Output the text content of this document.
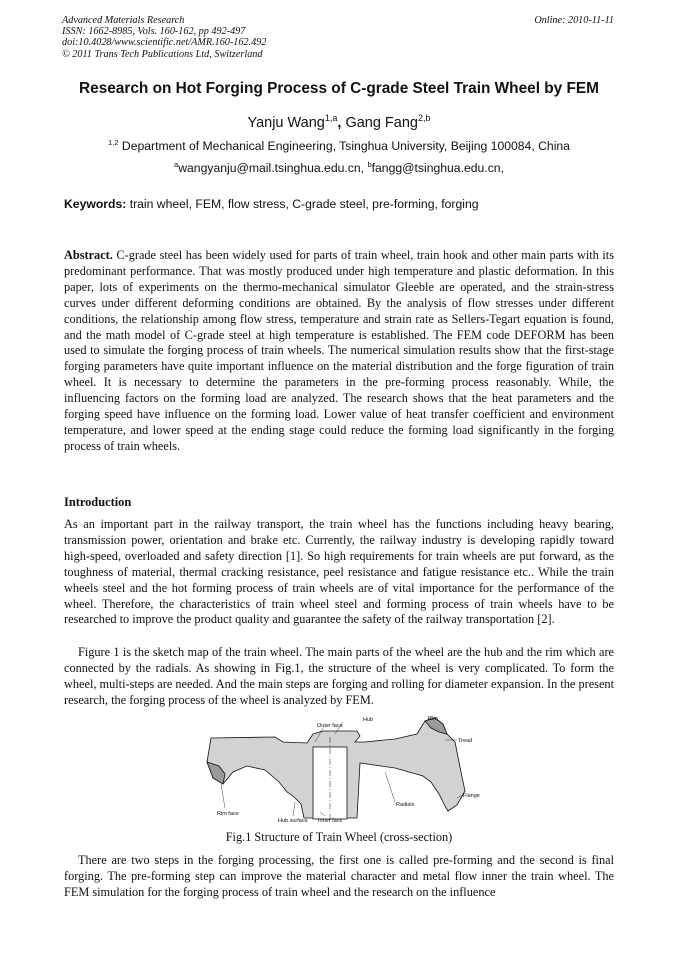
Advanced Materials Research
ISSN: 1662-8985, Vols. 160-162, pp 492-497
doi:10.4028/www.scientific.net/AMR.160-162.492
© 2011 Trans Tech Publications Ltd, Switzerland
Online: 2010-11-11
Research on Hot Forging Process of C-grade Steel Train Wheel by FEM
Yanju Wang$^{1,a}$, Gang Fang$^{2,b}$
$^{1,2}$ Department of Mechanical Engineering, Tsinghua University, Beijing 100084, China
$^a$wangyanju@mail.tsinghua.edu.cn, $^b$fangg@tsinghua.edu.cn,
Keywords: train wheel, FEM, flow stress, C-grade steel, pre-forming, forging
Abstract. C-grade steel has been widely used for parts of train wheel, train hook and other main parts with its predominant performance. That was mostly produced under high temperature and plastic deformation. In this paper, lots of experiments on the thermo-mechanical simulator Gleeble are operated, and the strain-stress curves under different deforming conditions are obtained. By the analysis of flow stresses under different conditions, the relationship among flow stress, temperature and strain rate as Sellers-Tegart equation is found, and the math model of C-grade steel at high temperature is established. The FEM code DEFORM has been used to simulate the forging process of train wheels. The numerical simulation results show that the first-stage forging parameters have quite important influence on the material distribution and the forge figuration of train wheel. It is necessary to determine the parameters in the pre-forming process reasonably. While, the influencing factors on the forming load are analyzed. The research shows that the heat parameters and the forging speed have influence on the forming load. Lower value of heat transfer coefficient and environment temperature, and lower speed at the ending stage could reduce the forming load significantly in the forging process of train wheels.
Introduction
As an important part in the railway transport, the train wheel has the functions including heavy bearing, transmission power, orientation and brake etc. Currently, the railway industry is developing rapidly toward high-speed, overloaded and safety direction [1]. So high requirements for train wheels are put forward, as the toughness of material, thermal cracking resistance, peel resistance and fatigue resistance etc.. While the train wheels steel and the hot forming process of train wheels are of vital importance for the performance of the wheel. Therefore, the characteristics of train wheel steel and forming process of train wheels have to be researched to improve the product quality and guarantee the safety of the railway transportation [2].
Figure 1 is the sketch map of the train wheel. The main parts of the wheel are the hub and the rim which are connected by the radials. As showing in Fig.1, the structure of the wheel is very complicated. To form the wheel, multi-steps are needed. And the main steps are forging and rolling for diameter expansion. In the present research, the forging process of the wheel is analyzed by FEM.
Outer face
Hub	Rim
Tread
Flange
Radials
Rim face
Hub surface Inner face
Fig.1 Structure of Train Wheel (cross-section)
There are two steps in the forging processing, the first one is called pre-forming and the second is final forging. The pre-forming step can improve the material character and metal flow inner the train wheel. The FEM simulation for the forging process of train wheel and the research on the influence
